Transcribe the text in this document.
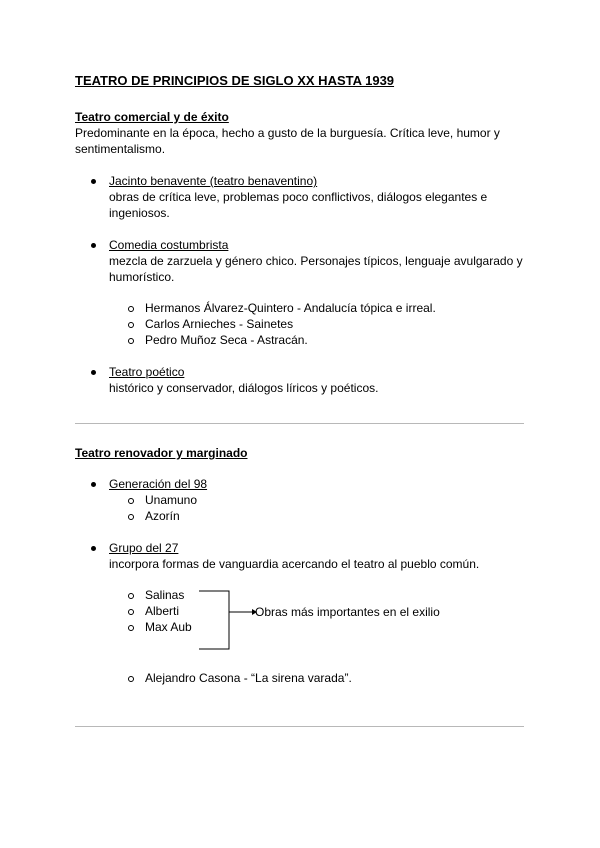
TEATRO DE PRINCIPIOS DE SIGLO XX HASTA 1939
Teatro comercial y de éxito
Predominante en la época, hecho a gusto de la burguesía. Crítica leve, humor y
sentimentalismo.
Jacinto benavente (teatro benaventino)
obras de crítica leve, problemas poco conflictivos, diálogos elegantes e
ingeniosos.
Comedia costumbrista
mezcla de zarzuela y género chico. Personajes típicos, lenguaje avulgarado y
humorístico.
Hermanos Álvarez-Quintero - Andalucía tópica e irreal.
Carlos Arnieches - Sainetes
Pedro Muñoz Seca - Astracán.
Teatro poético
histórico y conservador, diálogos líricos y poéticos.
Teatro renovador y marginado
Generación del 98
Unamuno
Azorín
Grupo del 27
incorpora formas de vanguardia acercando el teatro al pueblo común.
Salinas
Alberti
Max Aub
Obras más importantes en el exilio
Alejandro Casona - “La sirena varada”.
